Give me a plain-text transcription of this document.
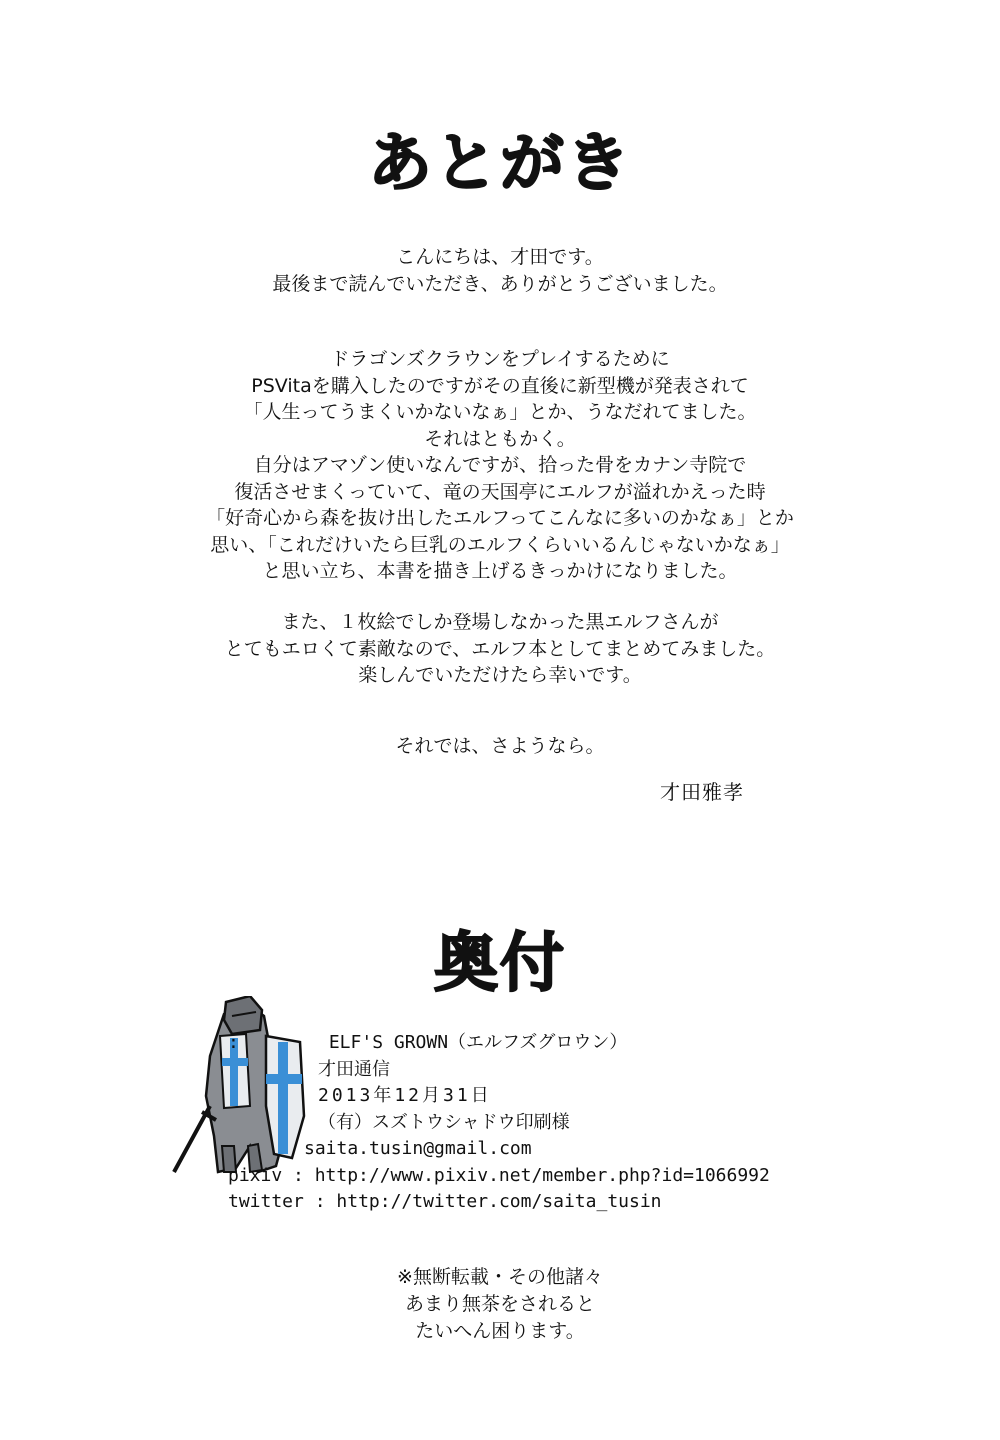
あとがき
こんにちは、才田です。
最後まで読んでいただき、ありがとうございました。
ドラゴンズクラウンをプレイするために
PSVitaを購入したのですがその直後に新型機が発表されて
「人生ってうまくいかないなぁ」とか、うなだれてました。
それはともかく。
自分はアマゾン使いなんですが、拾った骨をカナン寺院で
復活させまくっていて、竜の天国亭にエルフが溢れかえった時
「好奇心から森を抜け出したエルフってこんなに多いのかなぁ」とか
思い、「これだけいたら巨乳のエルフくらいいるんじゃないかなぁ」
と思い立ち、本書を描き上げるきっかけになりました。
また、１枚絵でしか登場しなかった黒エルフさんが
とてもエロくて素敵なので、エルフ本としてまとめてみました。
楽しんでいただけたら幸いです。
それでは、さようなら。
才田雅孝
奥付
:	ELF'S GROWN（エルフズグロウン）
才田通信
2013年12月31日
（有）スズトウシャドウ印刷様
saita.tusin@gmail.com
pixiv : http://www.pixiv.net/member.php?id=1066992
twitter : http://twitter.com/saita_tusin
※無断転載・その他諸々
あまり無茶をされると
たいへん困ります。
